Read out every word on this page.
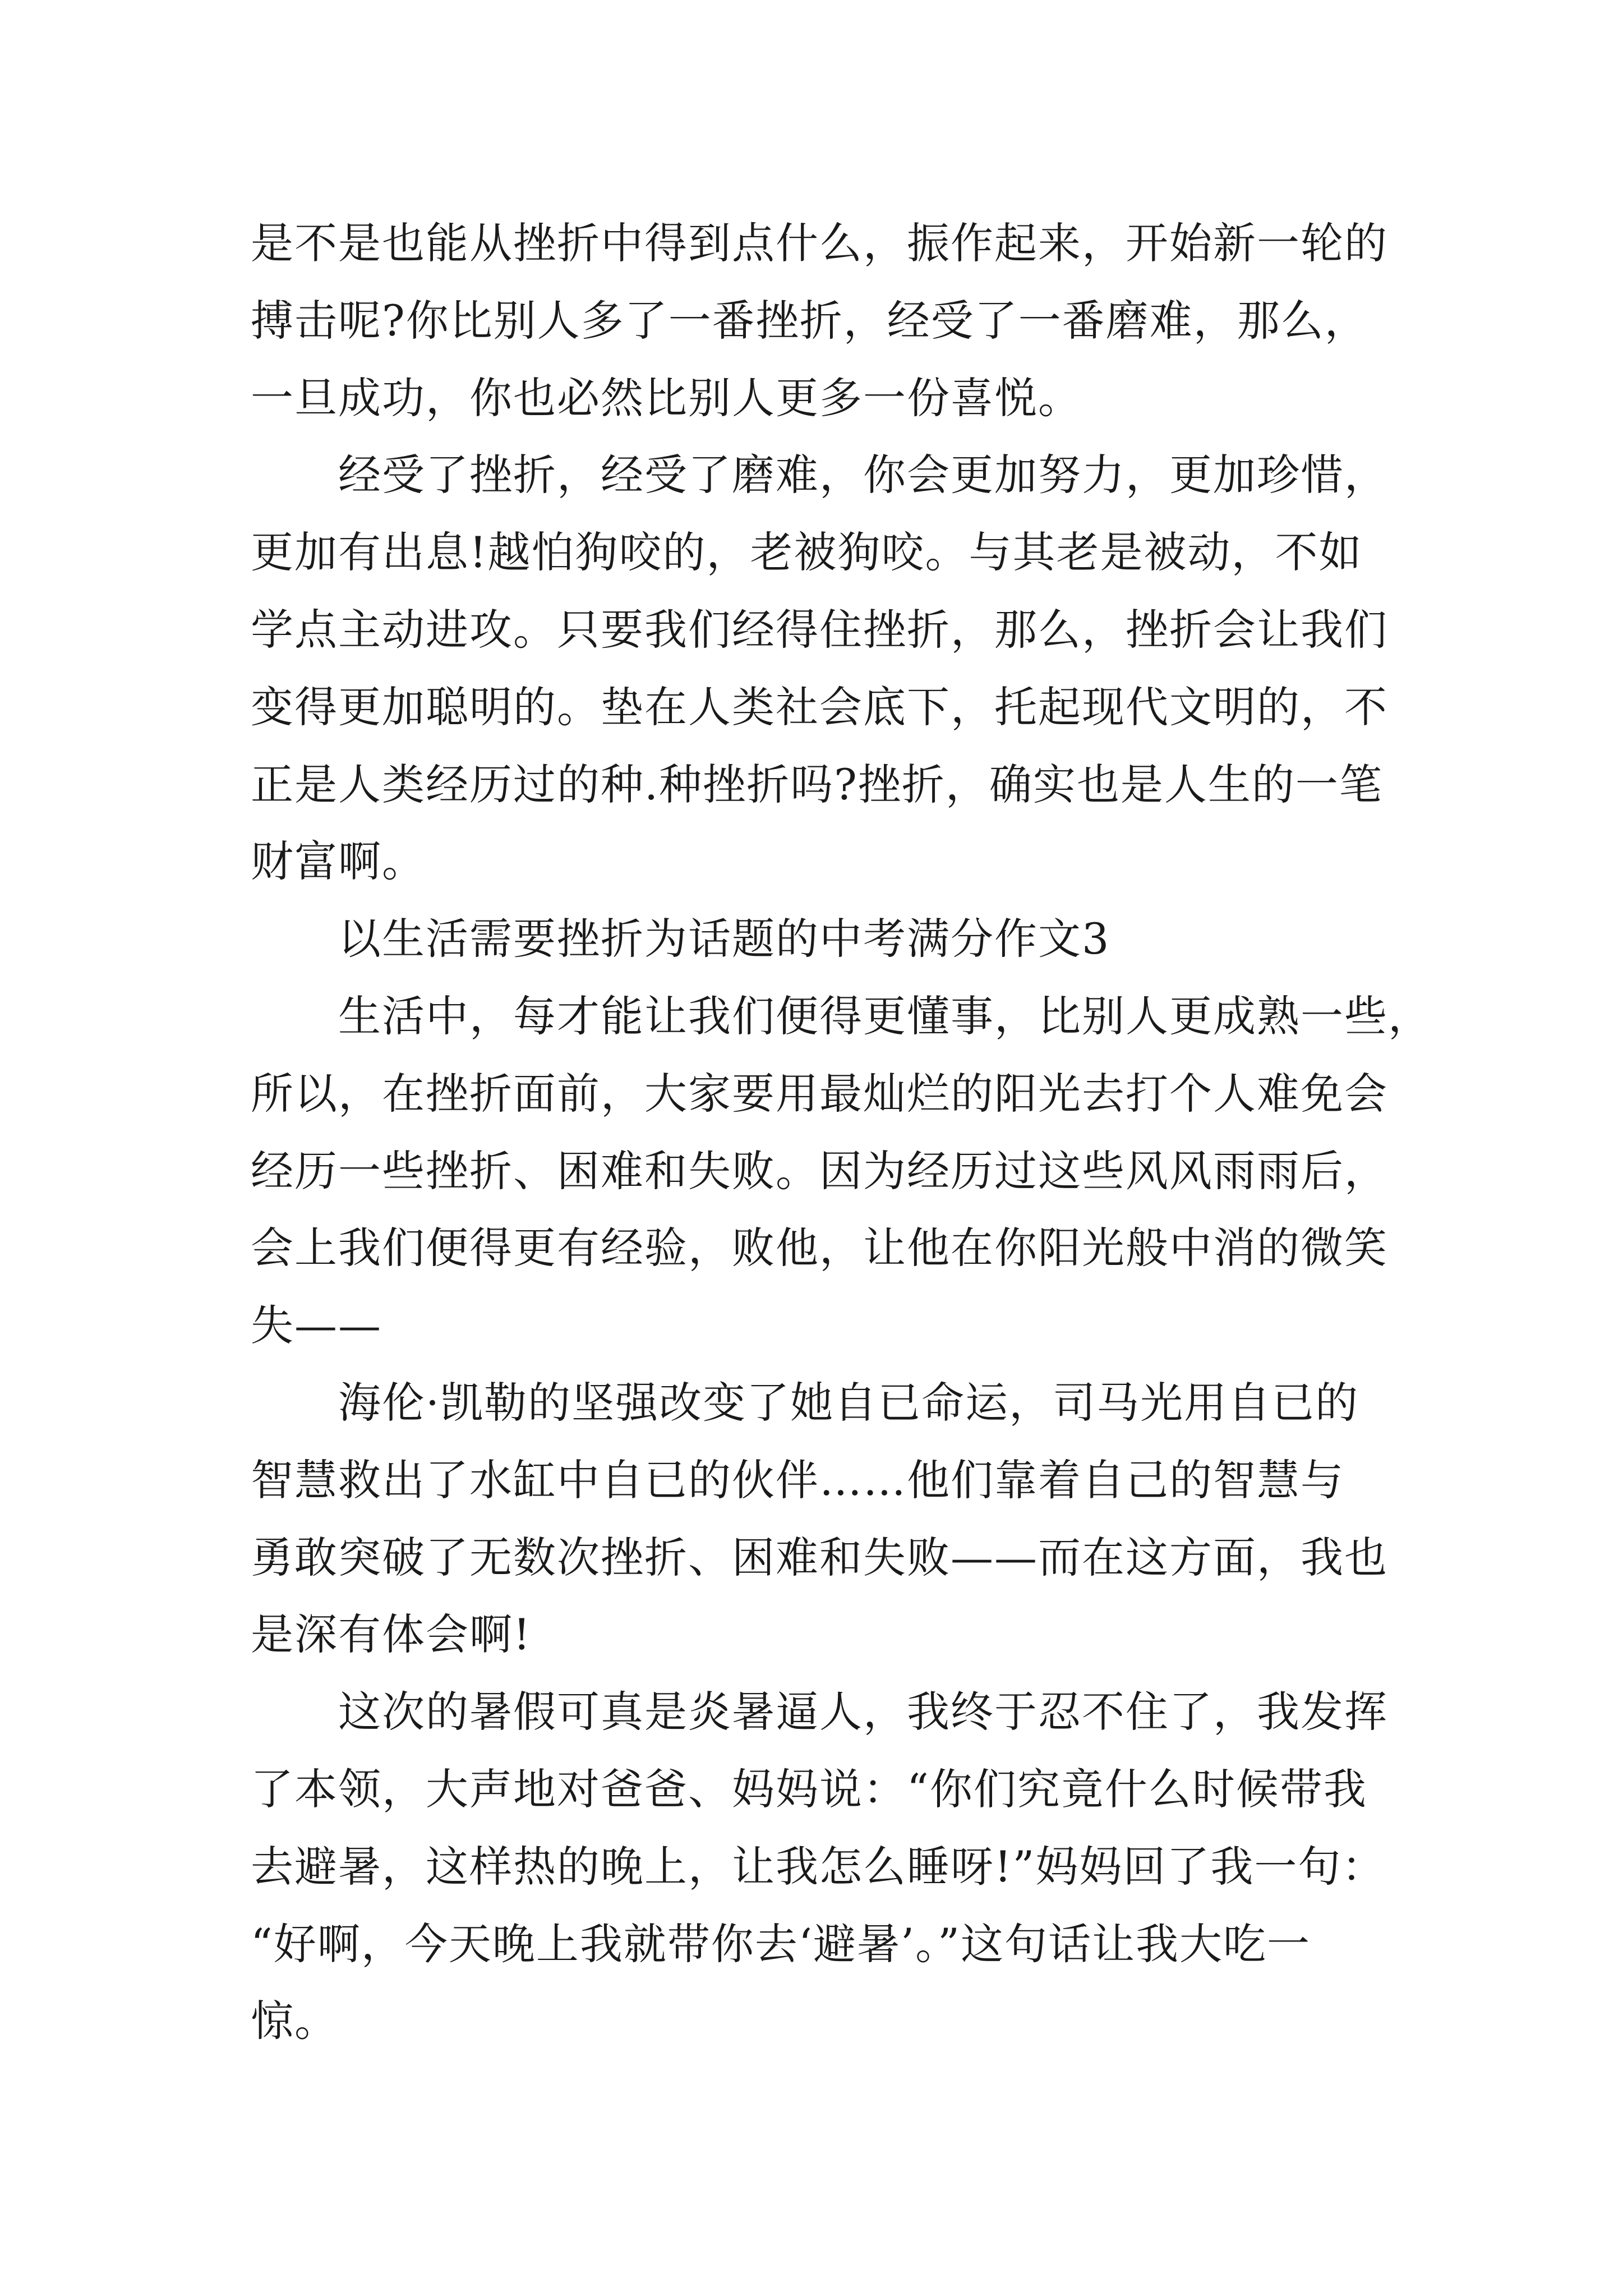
是不是也能从挫折中得到点什么，振作起来，开始新一轮的
搏击呢?你比别人多了一番挫折，经受了一番磨难，那么，
一旦成功，你也必然比别人更多一份喜悦。
经受了挫折，经受了磨难，你会更加努力，更加珍惜，
更加有出息!越怕狗咬的，老被狗咬。与其老是被动，不如
学点主动进攻。只要我们经得住挫折，那么，挫折会让我们
变得更加聪明的。垫在人类社会底下，托起现代文明的，不
正是人类经历过的种.种挫折吗?挫折，确实也是人生的一笔
财富啊。
以生活需要挫折为话题的中考满分作文3
生活中，每才能让我们便得更懂事，比别人更成熟一些，
所以，在挫折面前，大家要用最灿烂的阳光去打个人难免会
经历一些挫折、困难和失败。因为经历过这些风风雨雨后，
会上我们便得更有经验，败他，让他在你阳光般中消的微笑
失——
海伦·凯勒的坚强改变了她自已命运，司马光用自已的
智慧救出了水缸中自已的伙伴……他们靠着自己的智慧与
勇敢突破了无数次挫折、困难和失败——而在这方面，我也
是深有体会啊!
这次的暑假可真是炎暑逼人，我终于忍不住了，我发挥
了本领，大声地对爸爸、妈妈说：“你们究竟什么时候带我
去避暑，这样热的晚上，让我怎么睡呀!”妈妈回了我一句：
“好啊，今天晚上我就带你去‘避暑’。”这句话让我大吃一
惊。
